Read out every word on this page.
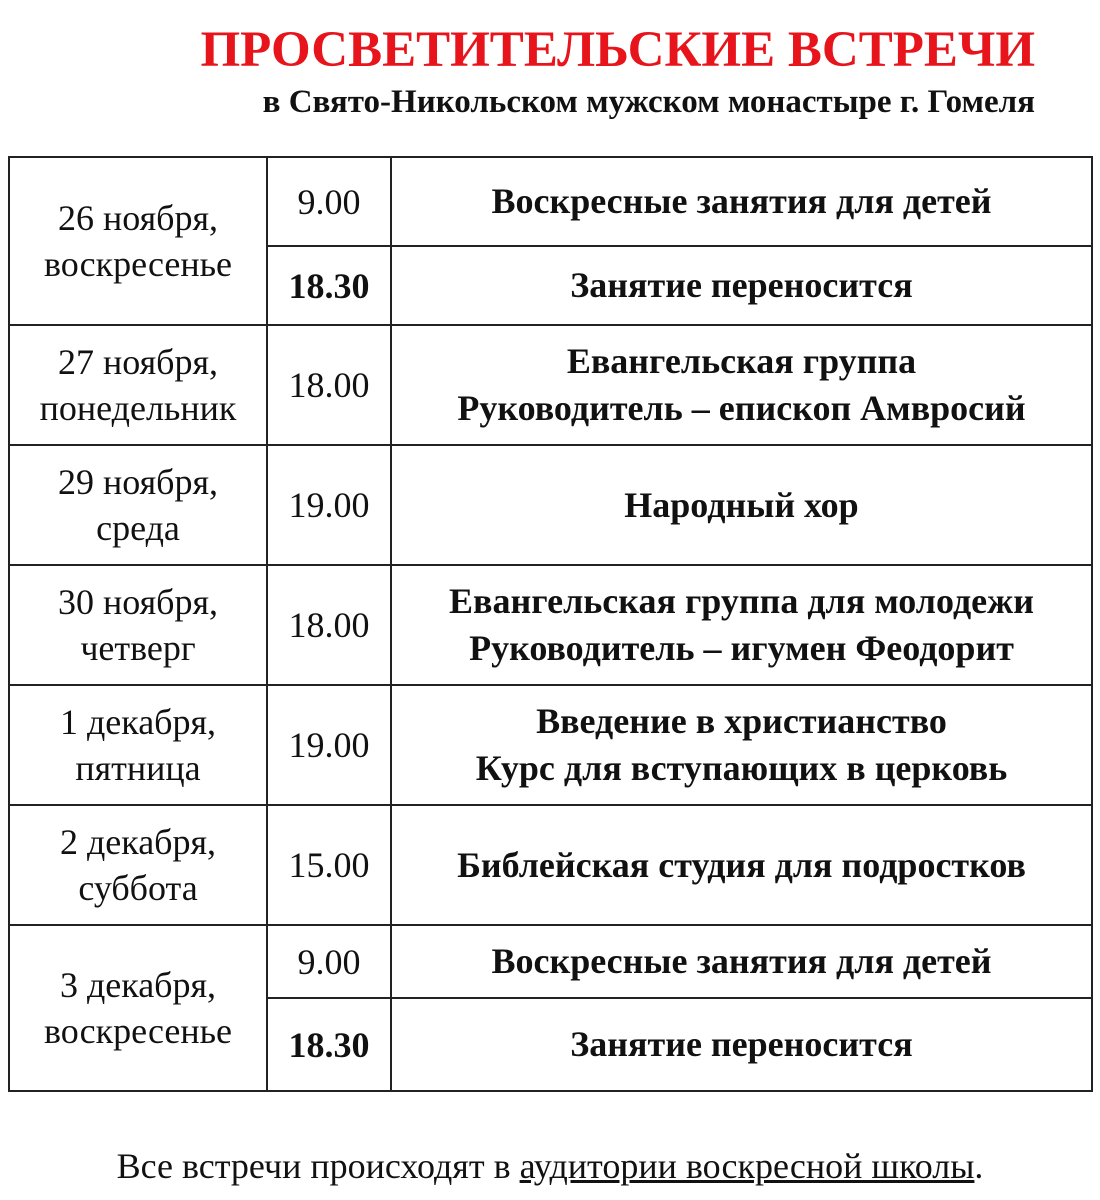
ПРОСВЕТИТЕЛЬСКИЕ ВСТРЕЧИ
в Свято-Никольском мужском монастыре г. Гомеля
26 ноября,
воскресенье	9.00	Воскресные занятия для детей

	18.30	Занятие переносится

27 ноября,
понедельник	18.00	Евангельская группа
Руководитель – епископ Амвросий

29 ноября,
среда	19.00	Народный хор

30 ноября,
четверг	18.00	Евангельская группа для молодежи
Руководитель – игумен Феодорит

1 декабря,
пятница	19.00	Введение в христианство
Курс для вступающих в церковь

2 декабря,
суббота	15.00	Библейская студия для подростков

3 декабря,
воскресенье	9.00	Воскресные занятия для детей

	18.30	Занятие переносится
Все встречи происходят в аудитории воскресной школы.
